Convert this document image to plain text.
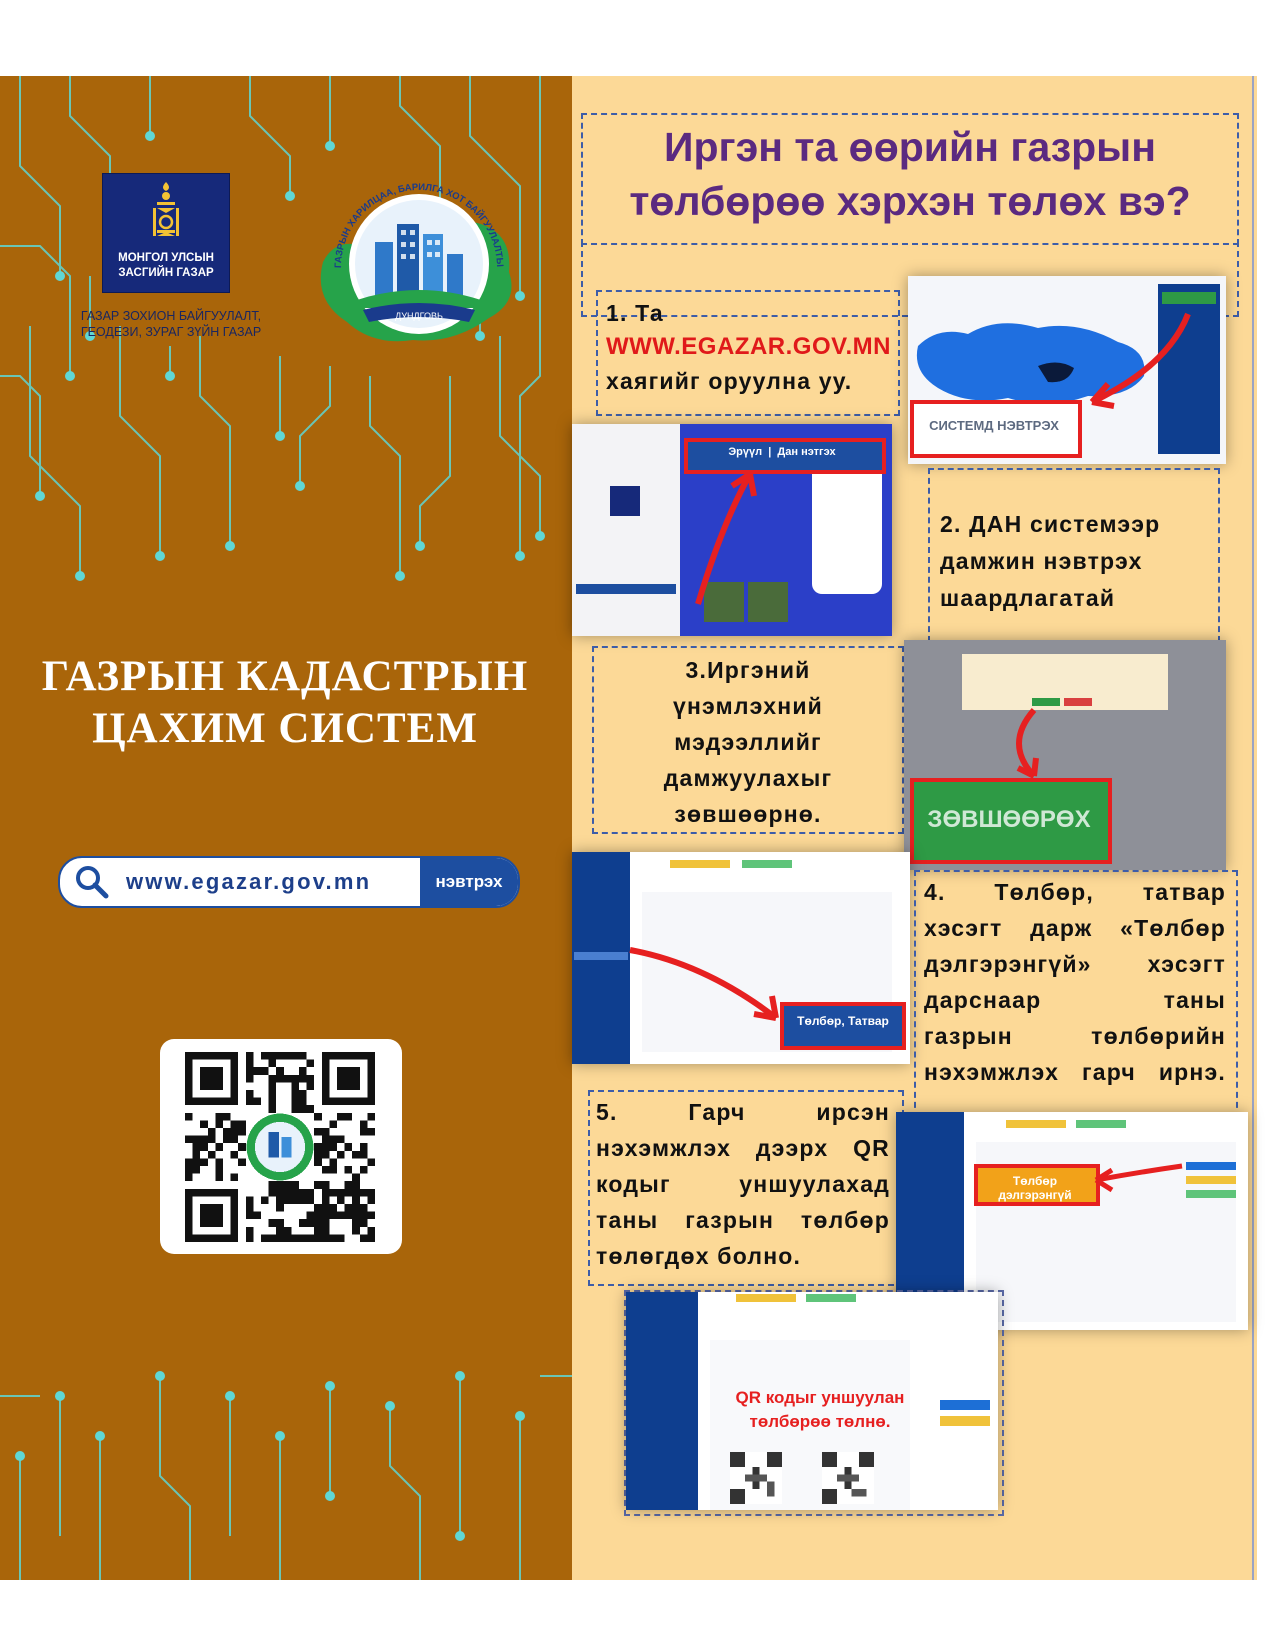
МОНГОЛ УЛСЫН
ЗАСГИЙН ГАЗАР
ГАЗАР ЗОХИОН БАЙГУУЛАЛТ,
ГЕОДЕЗИ, ЗУРАГ ЗҮЙН ГАЗАР
ГАЗРЫН ХАРИЛЦАА, БАРИЛГА ХОТ БАЙГУУЛАЛТЫ
ДУНДГОВЬ
ГАЗРЫН КАДАСТРЫН
ЦАХИМ СИСТЕМ
www.egazar.gov.mn	нэвтрэх
Иргэн та өөрийн газрын
төлбөрөө хэрхэн төлөх вэ?
1. Та
WWW.EGAZAR.GOV.MN
хаягийг оруулна уу.
СИСТЕМД НЭВТРЭХ
Эрүүл  |  Дан нэтгэх
2. ДАН системээр
дамжин нэвтрэх
шаардлагатай
3.Иргэний
үнэмлэхний
мэдээллийг
дамжуулахыг
зөвшөөрнө.	ЗӨВШӨӨРӨХ
Төлбөр, Татвар
4. Төлбөр, татвар
хэсэгт дарж «Төлбөр
дэлгэрэнгүй» хэсэгт
дарснаар таны
газрын төлбөрийн
нэхэмжлэх гарч ирнэ.
5. Гарч ирсэн
нэхэмжлэх дээрх QR
кодыг уншуулахад
таны газрын төлбөр
төлөгдөх болно.
Төлбөр дэлгэрэнгүй
QR кодыг уншуулан
төлбөрөө төлнө.
